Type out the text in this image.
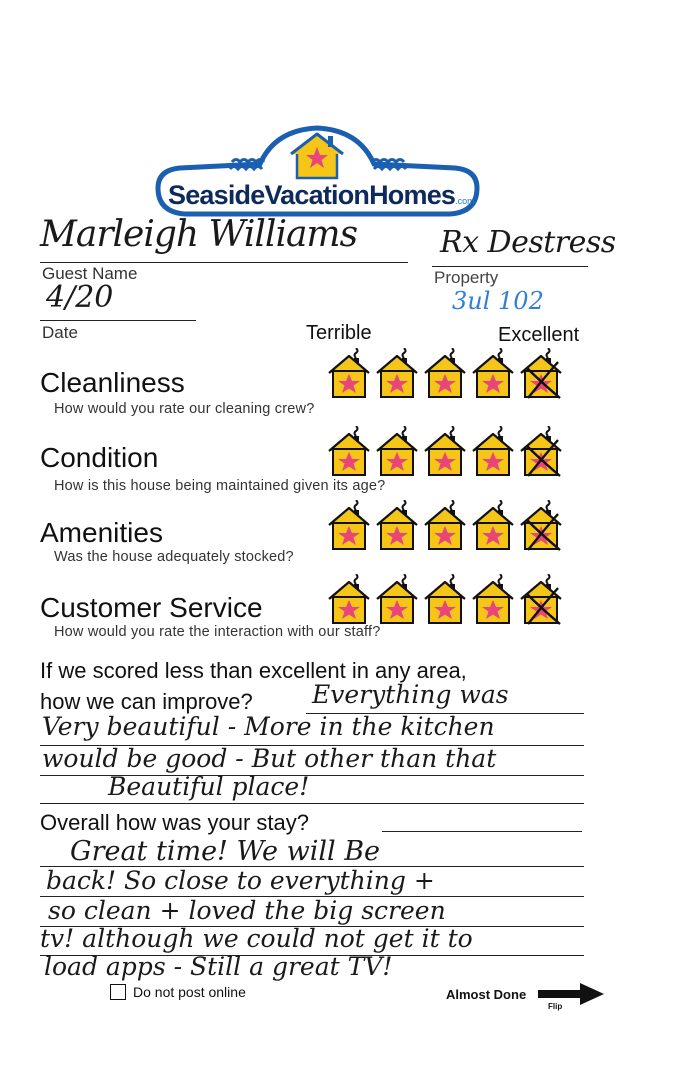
SeasideVacationHomes.com
Marleigh Williams
Guest Name
Rx Destress
Property
3ul 102
4/20
Date	Terrible	Excellent
Cleanliness
How would you rate our cleaning crew?
Condition
How is this house being maintained given its age?
Amenities
Was the house adequately stocked?
Customer Service
How would you rate the interaction with our staff?
If we scored less than excellent in any area,
how we can improve? Everything was
Very beautiful - More in the kitchen
would be good - But other than that
Beautiful place!
Overall how was your stay?
Great time! We will Be
back! So close to everything +
so clean + loved the big screen
tv! although we could not get it to
load apps - Still a great TV!
Do not post online	Almost Done
Flip
